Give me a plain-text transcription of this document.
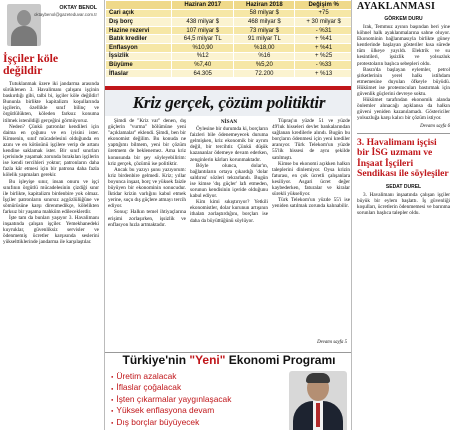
OKTAY BENOL
oktaybenol@gazeteduvar.com.tr
İşçiler köle değildir

Tutuklanmak üzere iki jandarma arasında sürüklenen 3. Havalimanı çalışanı işçinin baskırdığı gibi, talbi bi, işçiler köle değildir! Bununla birlikte kapitalizm koşullarında işçilerin, özellikle sınıf bilinç ve örgütlülükten, köleden farksız konuma itilmek istenildiği gerçeğini görmüyoruz.

Neden? Çünkü patronlar kendileri için daima en çoğunu ve en iyisini ister. Kimsenin, sınıf mücadelesini olduğunda en azını ve en kötüsünü işçilere verip de artanı kendine saklamak ister. Bir sınıf sınırları içerisinde yaşamak zorunda bırakılan işçilerin ise kendi tercihleri yoktur; patronların daha fazla kâr etmesi için bir patrona daha fazla kölelik yapmaları gerekir.

Bu işleyişe sınır, insan onuru ve işçi sınıfının örgütlü mücadelesinin çizdiği sınır ile birlikte, kapitalizm birdenbire yok olmaz. İşçiler patronların sınırsız açgözlülüğüne ve sömürüsüne karşı direnmedikçe, kölelikten farksız bir yaşama mahkûm edileceklerdir.

İşte tam da bunları yaşıyor 3. Havalimanı inşaatında çalışan işçiler. Yemekhanedeki kuyruklar, güvenliksiz servisler ve ödenmemiş ücretler karşısında seslerini yükselttiklerinde jandarma ile karşılaştılar.

	Haziran 2017	Haziran 2018	Değişim %
Cari açık		58 milyar $	+75
Dış borç	438 milyar $	468 milyar $	+ 30 milyar $
Hazine rezervi	107 milyar $	73 milyar $	- %31
Batık krediler	64,5 milyar TL	91 milyar TL	+ %41
Enflasyon	%10,90	%18,00	+ %41
İşsizlik	%12	%16	+ %25
Büyüme	%7,40	%5,20	- %33
İflaslar	64.305	72.200	+ %13
Kriz gerçek, çözüm politiktir

Şimdi de "Kriz var" denen, dış güçlerin "vurma" bölümüne yeni "açıklamalar" eklendi. Şimdi, ben bir ekonomist değilim. Bu konuda ne yaptığımı bilmem, yeni bir çözüm üretmem de beklenemez. Ama kriz konusunda bir şey söyleyebilirim: kriz gerçek, çözümü ise politiktir.

Ancak bu yazıyı şunu yazıyorum: kriz birdenbire gelmedi. Kriz; yıllar boyunca inşaat, borç ve yüksek faizle büyüyen bir ekonominin sonucudur. İktidar krizin varlığını kabul etmek yerine, suçu dış güçlere atmayı tercih ediyor.

Sonuç: Halkın temel ihtiyaçlarına erişimi zorlaşırken, işsizlik ve enflasyon hızla artmaktadır.

NİSAN

Öylesine bir durumda ki, borçların faizleri bile ödenemeyecek duruma gelmişken, kriz ekonomik bir ayrım değil, bir tercihtir. Çünkü düşük kazananlar ödemeye devam ederken, zenginlerin kârları korunmaktadır.

Böyle olunca, dolar'ın, bağlantıların ortaya çıkardığı 'dolar saldırısı' sözleri tekrarlandı. Bugün ise kimse 'dış güçler' lafı etmeden, sorunun kendisinin içeride olduğunu kabul ediyor.

Kim kimi sıkıştırıyor? Yetkili ekonomistler, dolar kurunun artışının ithalatı zorlaştırdığını, borçları ise daha da büyüttüğünü söylüyor.

Tüpraş'ın yüzde 51 ve yüzde 49'luk hisseleri devlet bankalarından sağlanan kredilerle alındı. Bugün bu borçların ödenmesi için yeni krediler aranıyor. Türk Telekom'un yüzde 55'lik hissesi de aynı şekilde satılmıştı.

Kimse bu ekonomi açıkken halkın taleplerini dinlemiyor. Oysa krizin faturası, en çok ücretli çalışanlara kesiliyor. Asgari ücret değer kaybederken, faturalar ve kiralar sürekli yükseliyor.

Türk Telekom'un yüzde 55'i ise yeniden satılmak zorunda kalınabilir.

Devamı sayfa 5
Türkiye'nin "Yeni" Ekonomi Programı
● Üretim azalacak
● İflaslar çoğalacak
● İşten çıkarmalar yaygınlaşacak
● Yüksek enflasyona devam
● Dış borçlar büyüyecek
AYAKLANMASI
GÖRKEM DURU

Irak, Temmuz ayının başından beri yine köhnel halk ayaklanmalarına sahne oluyor. Ekonominin bağlanmasıyla birlikte güney kentlerinde başlayan gösteriler kısa sürede tüm ülkeye yayıldı. Elektrik ve su kesintileri, işsizlik ve yolsuzluk protestoların başlıca sebepleri oldu.

Basra'da başlayan eylemler, petrol şirketlerinin yerel halkı istihdam etmemesine duyulan öfkeyle büyüdü. Hükümet ise protestocuları bastırmak için güvenlik güçlerini devreye soktu.

Hükümet tarafından ekonomik alanda önlemler alınacağı açıklansa da halkın güveni yeniden kazanılamadı. Göstericiler yolsuzluğa karşı kalıcı bir çözüm istiyor.

Devamı sayfa 6
3. Havalimanı işçisi bir İSG uzmanı ve İnşaat İşçileri Sendikası ile söyleşiler
SEDAT DUREL

3. Havalimanı inşaatında çalışan işçiler büyük bir eylem başlattı. İş güvenliği koşulları, ücretlerin ödenmemesi ve barınma sorunları başlıca talepler oldu.
